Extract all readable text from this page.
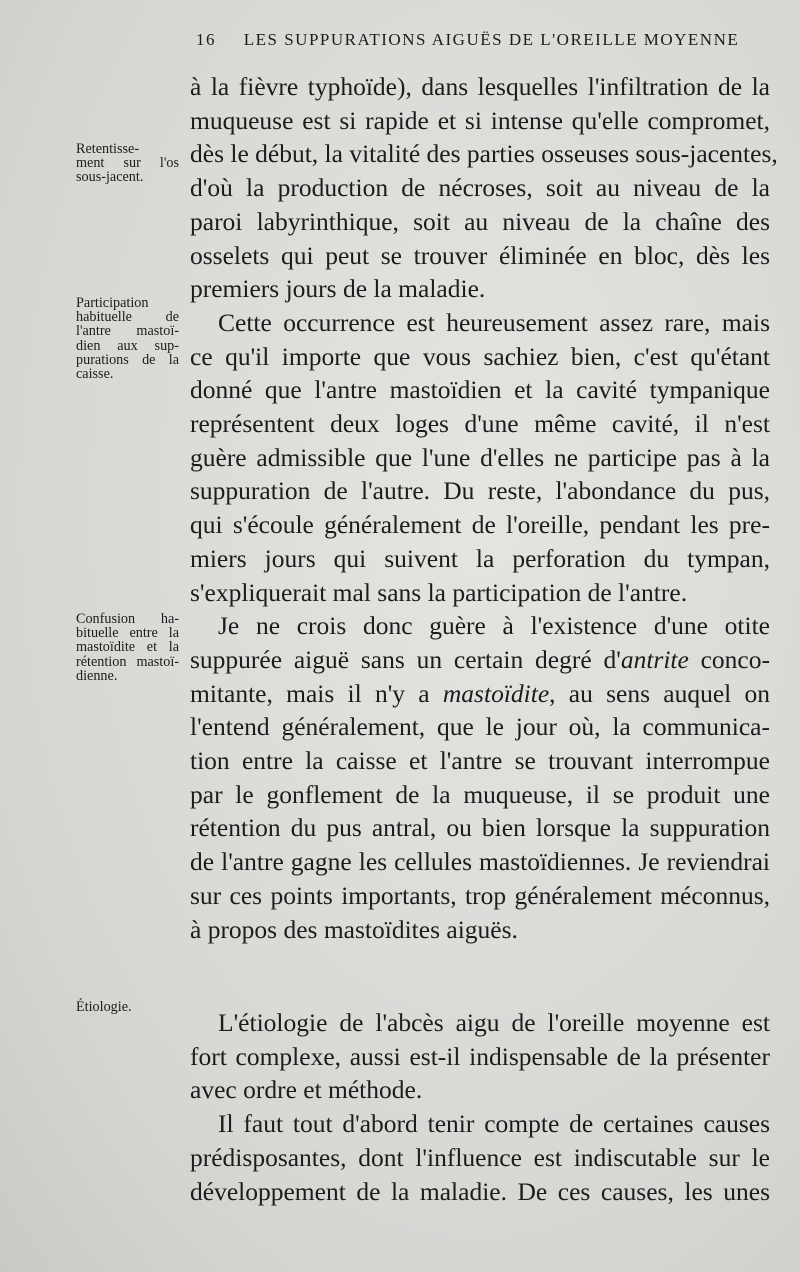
16 LES SUPPURATIONS AIGUËS DE L'OREILLE MOYENNE
Retentisse-
ment sur l'os
sous-jacent.
Participation
habituelle de
l'antre mastoï-
dien aux sup-
purations de la
caisse.
Confusion ha-
bituelle entre la
mastoïdite et la
rétention mastoï-
dienne.
Étiologie.
à la fièvre typhoïde), dans lesquelles l'infiltration de la
muqueuse est si rapide et si intense qu'elle compromet,
dès le début, la vitalité des parties osseuses sous-jacentes,
d'où la production de nécroses, soit au niveau de la
paroi labyrinthique, soit au niveau de la chaîne des
osselets qui peut se trouver éliminée en bloc, dès les
premiers jours de la maladie.
Cette occurrence est heureusement assez rare, mais
ce qu'il importe que vous sachiez bien, c'est qu'étant
donné que l'antre mastoïdien et la cavité tympanique
représentent deux loges d'une même cavité, il n'est
guère admissible que l'une d'elles ne participe pas à la
suppuration de l'autre. Du reste, l'abondance du pus,
qui s'écoule généralement de l'oreille, pendant les pre-
miers jours qui suivent la perforation du tympan,
s'expliquerait mal sans la participation de l'antre.
Je ne crois donc guère à l'existence d'une otite
suppurée aiguë sans un certain degré d'antrite conco-
mitante, mais il n'y a mastoïdite, au sens auquel on
l'entend généralement, que le jour où, la communica-
tion entre la caisse et l'antre se trouvant interrompue
par le gonflement de la muqueuse, il se produit une
rétention du pus antral, ou bien lorsque la suppuration
de l'antre gagne les cellules mastoïdiennes. Je reviendrai
sur ces points importants, trop généralement méconnus,
à propos des mastoïdites aiguës.
L'étiologie de l'abcès aigu de l'oreille moyenne est
fort complexe, aussi est-il indispensable de la présenter
avec ordre et méthode.
Il faut tout d'abord tenir compte de certaines causes
prédisposantes, dont l'influence est indiscutable sur le
développement de la maladie. De ces causes, les unes
